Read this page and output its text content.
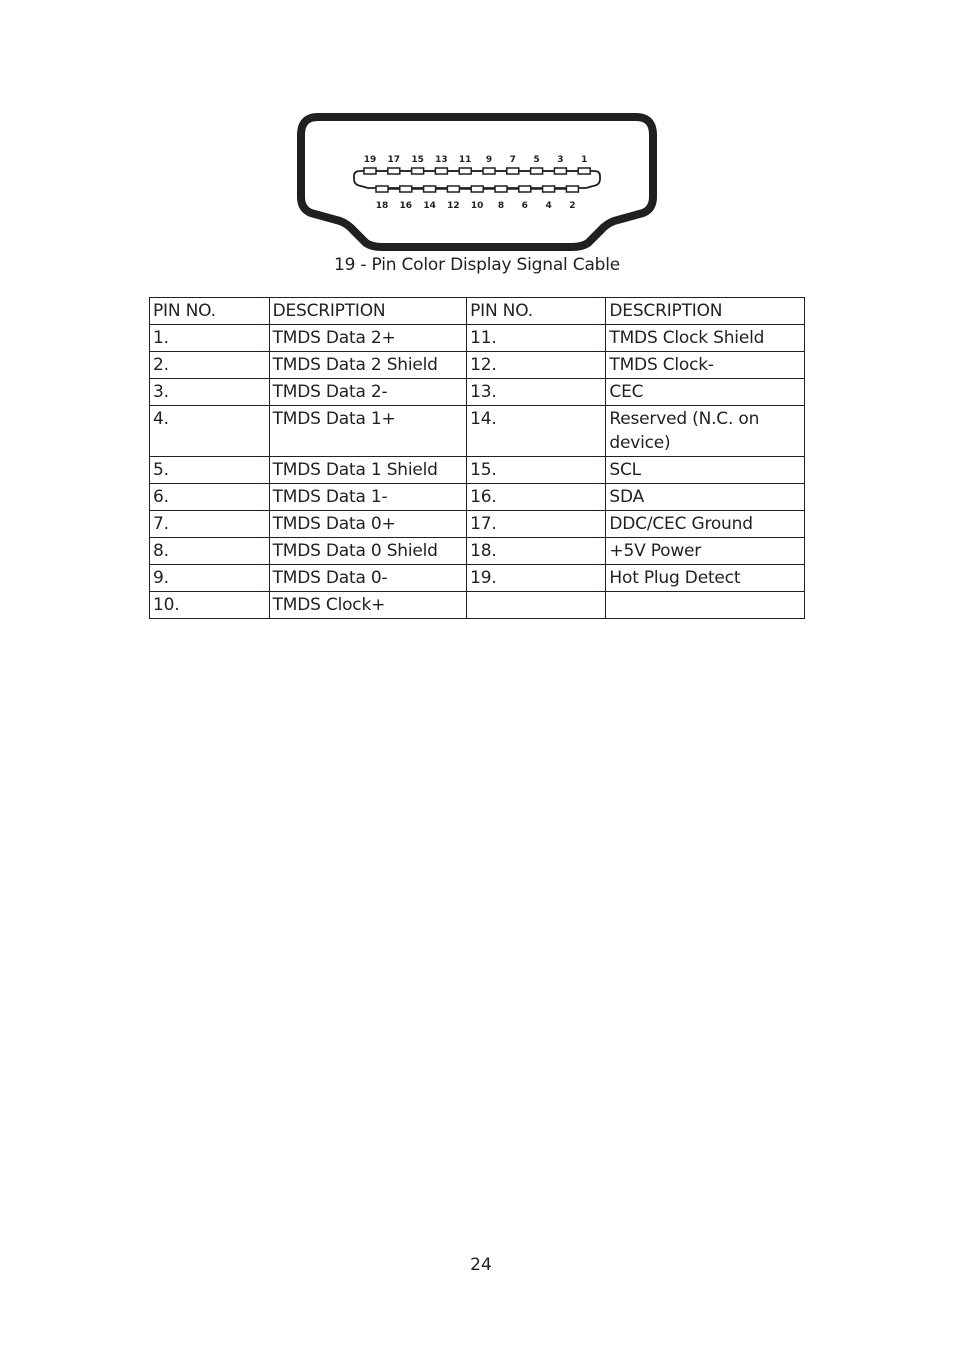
19 17 15 13 11 9 7 5 3 1
18 16 14 12 10 8 6 4 2
19 - Pin Color Display Signal Cable
PIN NO.	DESCRIPTION	PIN NO.	DESCRIPTION
1.	TMDS Data 2+	11.	TMDS Clock Shield
2.	TMDS Data 2 Shield	12.	TMDS Clock-
3.	TMDS Data 2-	13.	CEC
4.	TMDS Data 1+	14.	Reserved (N.C. on device)
5.	TMDS Data 1 Shield	15.	SCL
6.	TMDS Data 1-	16.	SDA
7.	TMDS Data 0+	17.	DDC/CEC Ground
8.	TMDS Data 0 Shield	18.	+5V Power
9.	TMDS Data 0-	19.	Hot Plug Detect
10.	TMDS Clock+		
24
